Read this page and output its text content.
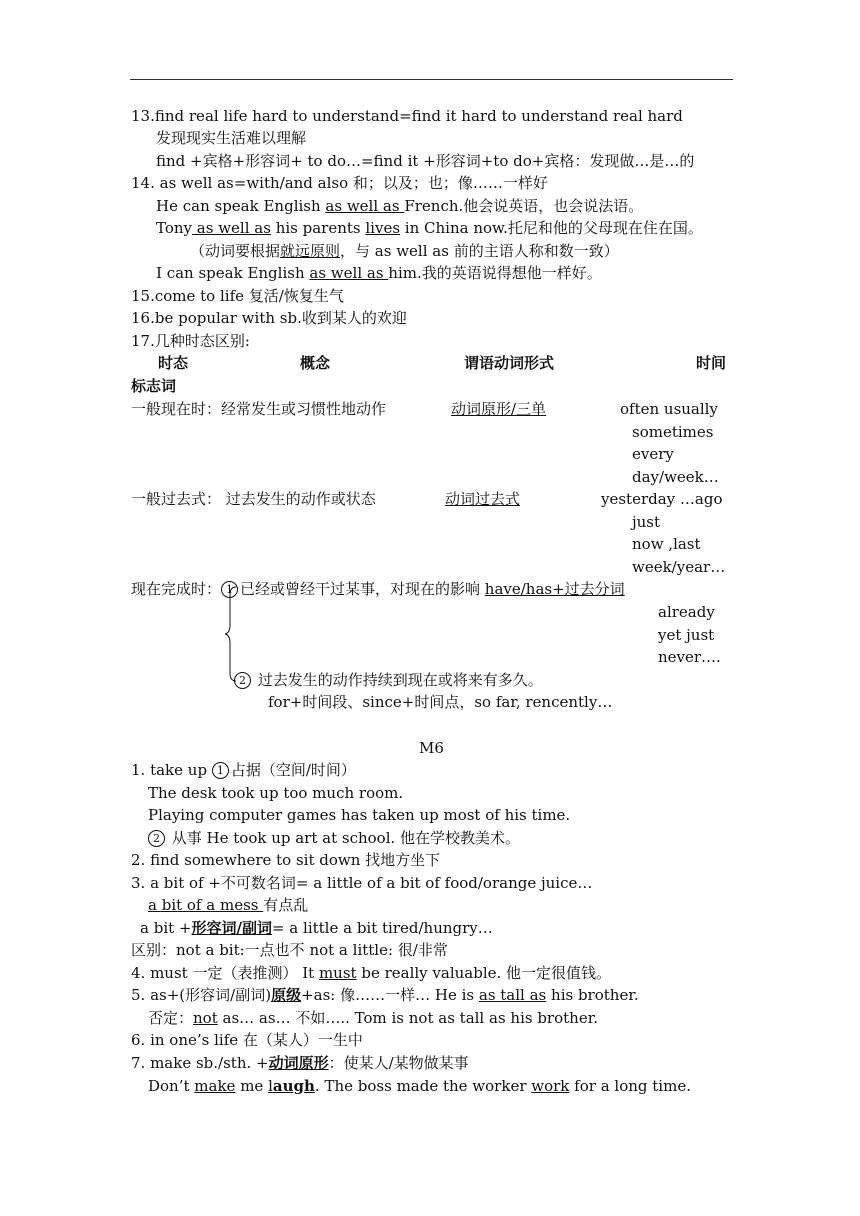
13.find real life hard to understand=find it hard to understand real hard
发现现实生活难以理解
find +宾格+形容词+ to do…=find it +形容词+to do+宾格：发现做…是…的
14. as well as=with/and also 和；以及；也；像……一样好
He can speak English as well as French.他会说英语，也会说法语。
Tony as well as his parents lives in China now.托尼和他的父母现在住在国。
（动词要根据就远原则，与 as well as 前的主语人称和数一致）
I can speak English as well as him.我的英语说得想他一样好。
15.come to life 复活/恢复生气
16.be popular with sb.收到某人的欢迎
17.几种时态区别:
时态	概念	谓语动词形式	时间
标志词
一般现在时：经常发生或习惯性地动作	动词原形/三单	often usually
sometimes
every
day/week…
一般过去式： 过去发生的动作或状态	动词过去式	yesterday …ago
just
now ,last
week/year…
现在完成时： 1 已经或曾经干过某事，对现在的影响 have/has+过去分词
already
yet just
never….
2 过去发生的动作持续到现在或将来有多久。
for+时间段、since+时间点，so far, rencently…
M6
1. take up 1 占据（空间/时间）
The desk took up too much room.
Playing computer games has taken up most of his time.
2 从事 He took up art at school. 他在学校教美术。
2. find somewhere to sit down 找地方坐下
3. a bit of +不可数名词= a little of a bit of food/orange juice…
a bit of a mess 有点乱
a bit +形容词/副词= a little a bit tired/hungry…
区别：not a bit:一点也不 not a little: 很/非常
4. must 一定（表推测） It must be really valuable. 他一定很值钱。
5. as+(形容词/副词)原级+as: 像……一样… He is as tall as his brother.
否定：not as… as… 不如….. Tom is not as tall as his brother.
6. in one’s life 在（某人）一生中
7. make sb./sth. +动词原形：使某人/某物做某事
Don’t make me laugh. The boss made the worker work for a long time.
